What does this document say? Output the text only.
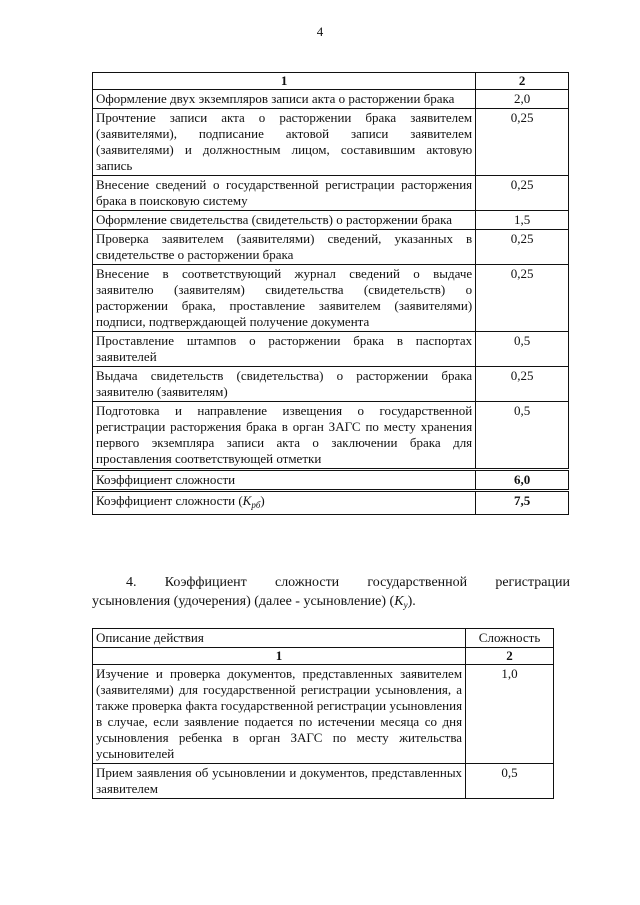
4
1	2
Оформление двух экземпляров записи акта о расторжении брака	2,0
Прочтение записи акта о расторжении брака заявителем (заявителями), подписание актовой записи заявителем (заявителями) и должностным лицом, составившим актовую запись	0,25
Внесение сведений о государственной регистрации расторжения брака в поисковую систему	0,25
Оформление свидетельства (свидетельств) о расторжении брака	1,5
Проверка заявителем (заявителями) сведений, указанных в свидетельстве о расторжении брака	0,25
Внесение в соответствующий журнал сведений о выдаче заявителю (заявителям) свидетельства (свидетельств) о расторжении брака, проставление заявителем (заявителями) подписи, подтверждающей получение документа	0,25
Проставление штампов о расторжении брака в паспортах заявителей	0,5
Выдача свидетельств (свидетельства) о расторжении брака заявителю (заявителям)	0,25
Подготовка и направление извещения о государственной регистрации расторжения брака в орган ЗАГС по месту хранения первого экземпляра записи акта о заключении брака для проставления соответствующей отметки	0,5

Коэффициент сложности	6,0

Коэффициент сложности $(K_{рб})$	7,5
4. Коэффициент сложности государственной регистрации
усыновления (удочерения) (далее - усыновление) $(K_у)$.
Описание действия	Сложность
1	2
Изучение и проверка документов, представленных заявителем (заявителями) для государственной регистрации усыновления, а также проверка факта государственной регистрации усыновления в случае, если заявление подается по истечении месяца со дня усыновления ребенка в орган ЗАГС по месту жительства усыновителей	1,0
Прием заявления об усыновлении и документов, представленных заявителем	0,5
